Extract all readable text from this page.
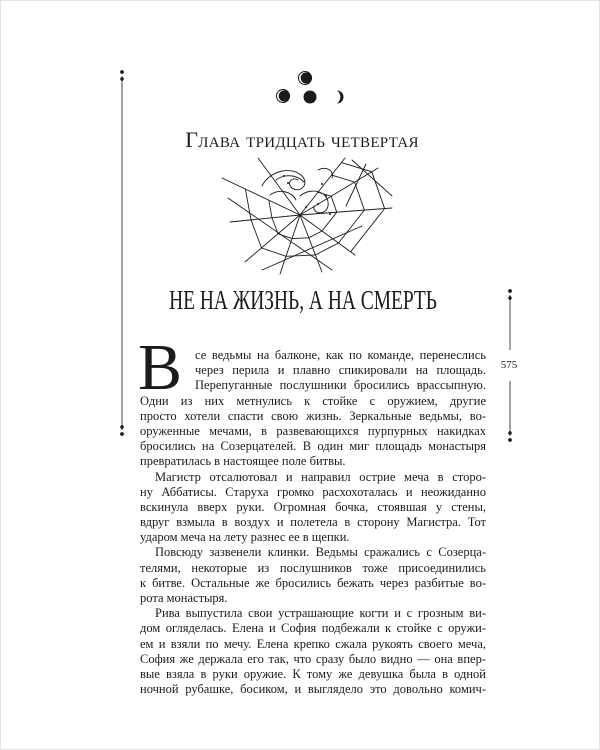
Глава тридцать четвертая
НЕ НА ЖИЗНЬ, А НА СМЕРТЬ
В се ведьмы на балконе, как по команде, перенеслись
через перила и плавно спикировали на площадь.
Перепуганные послушники бросились врассыпную.
Одни из них метнулись к стойке с оружием, другие
просто хотели спасти свою жизнь. Зеркальные ведьмы, во-
оруженные мечами, в развевающихся пурпурных накидках
бросились на Созерцателей. В один миг площадь монастыря
превратилась в настоящее поле битвы.
Магистр отсалютовал и направил острие меча в сторо-
ну Аббатисы. Старуха громко расхохоталась и неожиданно
вскинула вверх руки. Огромная бочка, стоявшая у стены,
вдруг взмыла в воздух и полетела в сторону Магистра. Тот
ударом меча на лету разнес ее в щепки.
Повсюду зазвенели клинки. Ведьмы сражались с Созерца-
телями, некоторые из послушников тоже присоединились
к битве. Остальные же бросились бежать через разбитые во-
рота монастыря.
Рива выпустила свои устрашающие когти и с грозным ви-
дом огляделась. Елена и София подбежали к стойке с оружи-
ем и взяли по мечу. Елена крепко сжала рукоять своего меча,
София же держала его так, что сразу было видно — она впер-
вые взяла в руки оружие. К тому же девушка была в одной
ночной рубашке, босиком, и выглядело это довольно комич-
575
